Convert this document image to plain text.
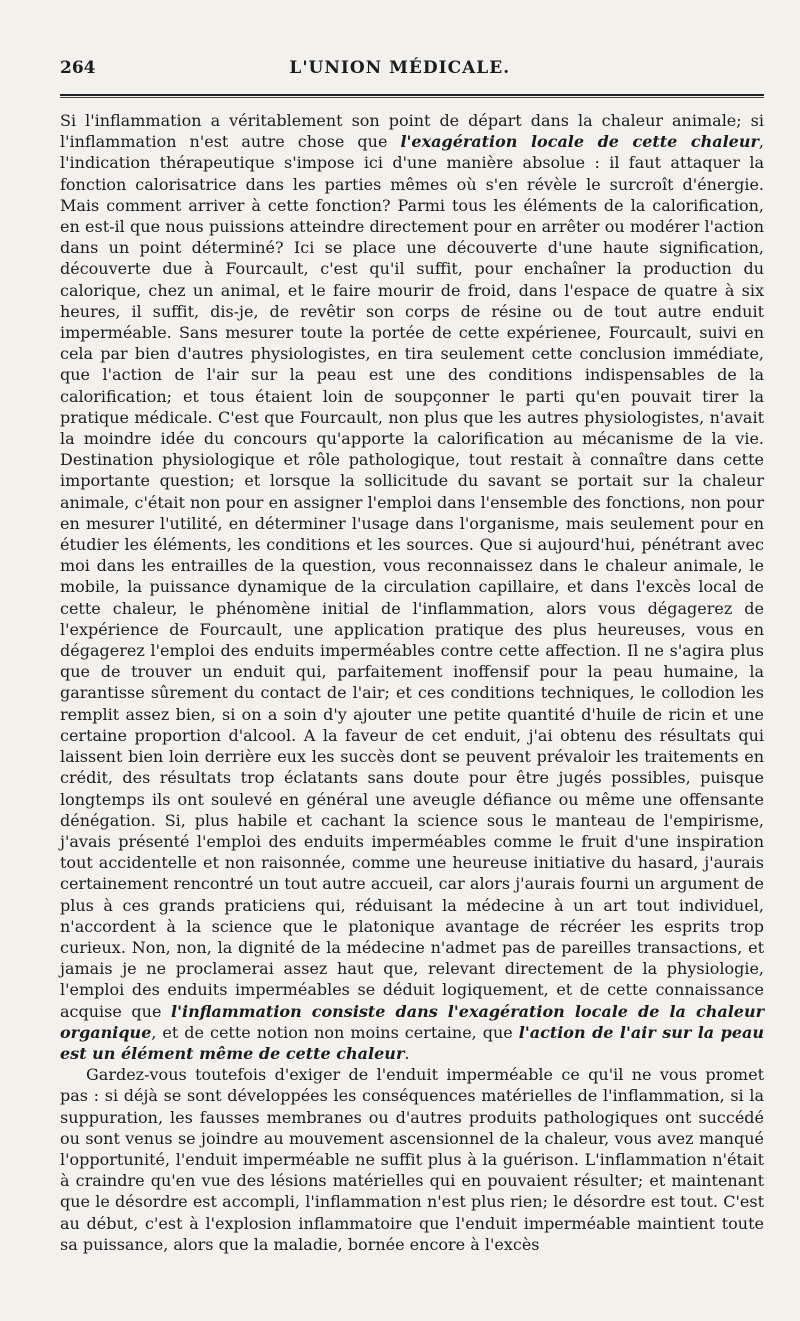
264	L'UNION MÉDICALE.

Si l'inflammation a véritablement son point de départ dans la chaleur animale; si l'inflammation n'est autre chose que l'exagération locale de cette chaleur, l'indication thérapeutique s'impose ici d'une manière absolue : il faut attaquer la fonction calorisatrice dans les parties mêmes où s'en révèle le surcroît d'énergie. Mais comment arriver à cette fonction? Parmi tous les éléments de la calorification, en est-il que nous puissions atteindre directement pour en arrêter ou modérer l'action dans un point déterminé? Ici se place une découverte d'une haute signification, découverte due à Fourcault, c'est qu'il suffit, pour enchaîner la production du calorique, chez un animal, et le faire mourir de froid, dans l'espace de quatre à six heures, il suffit, dis-je, de revêtir son corps de résine ou de tout autre enduit imperméable. Sans mesurer toute la portée de cette expérienee, Fourcault, suivi en cela par bien d'autres physiologistes, en tira seulement cette conclusion immédiate, que l'action de l'air sur la peau est une des conditions indispensables de la calorification; et tous étaient loin de soupçonner le parti qu'en pouvait tirer la pratique médicale. C'est que Fourcault, non plus que les autres physiologistes, n'avait la moindre idée du concours qu'apporte la calorification au mécanisme de la vie. Destination physiologique et rôle pathologique, tout restait à connaître dans cette importante question; et lorsque la sollicitude du savant se portait sur la chaleur animale, c'était non pour en assigner l'emploi dans l'ensemble des fonctions, non pour en mesurer l'utilité, en déterminer l'usage dans l'organisme, mais seulement pour en étudier les éléments, les conditions et les sources. Que si aujourd'hui, pénétrant avec moi dans les entrailles de la question, vous reconnaissez dans le chaleur animale, le mobile, la puissance dynamique de la circulation capillaire, et dans l'excès local de cette chaleur, le phénomène initial de l'inflammation, alors vous dégagerez de l'expérience de Fourcault, une application pratique des plus heureuses, vous en dégagerez l'emploi des enduits imperméables contre cette affection. Il ne s'agira plus que de trouver un enduit qui, parfaitement inoffensif pour la peau humaine, la garantisse sûrement du contact de l'air; et ces conditions techniques, le collodion les remplit assez bien, si on a soin d'y ajouter une petite quantité d'huile de ricin et une certaine proportion d'alcool. A la faveur de cet enduit, j'ai obtenu des résultats qui laissent bien loin derrière eux les succès dont se peuvent prévaloir les traitements en crédit, des résultats trop éclatants sans doute pour être jugés possibles, puisque longtemps ils ont soulevé en général une aveugle défiance ou même une offensante dénégation. Si, plus habile et cachant la science sous le manteau de l'empirisme, j'avais présenté l'emploi des enduits imperméables comme le fruit d'une inspiration tout accidentelle et non raisonnée, comme une heureuse initiative du hasard, j'aurais certainement rencontré un tout autre accueil, car alors j'aurais fourni un argument de plus à ces grands praticiens qui, réduisant la médecine à un art tout individuel, n'accordent à la science que le platonique avantage de récréer les esprits trop curieux. Non, non, la dignité de la médecine n'admet pas de pareilles transactions, et jamais je ne proclamerai assez haut que, relevant directement de la physiologie, l'emploi des enduits imperméables se déduit logiquement, et de cette connaissance acquise que l'inflammation consiste dans l'exagération locale de la chaleur organique, et de cette notion non moins certaine, que l'action de l'air sur la peau est un élément même de cette chaleur.

Gardez-vous toutefois d'exiger de l'enduit imperméable ce qu'il ne vous promet pas : si déjà se sont développées les conséquences matérielles de l'inflammation, si la suppuration, les fausses membranes ou d'autres produits pathologiques ont succédé ou sont venus se joindre au mouvement ascensionnel de la chaleur, vous avez manqué l'opportunité, l'enduit imperméable ne suffit plus à la guérison. L'inflammation n'était à craindre qu'en vue des lésions matérielles qui en pouvaient résulter; et maintenant que le désordre est accompli, l'inflammation n'est plus rien; le désordre est tout. C'est au début, c'est à l'explosion inflammatoire que l'enduit imperméable maintient toute sa puissance, alors que la maladie, bornée encore à l'excès
